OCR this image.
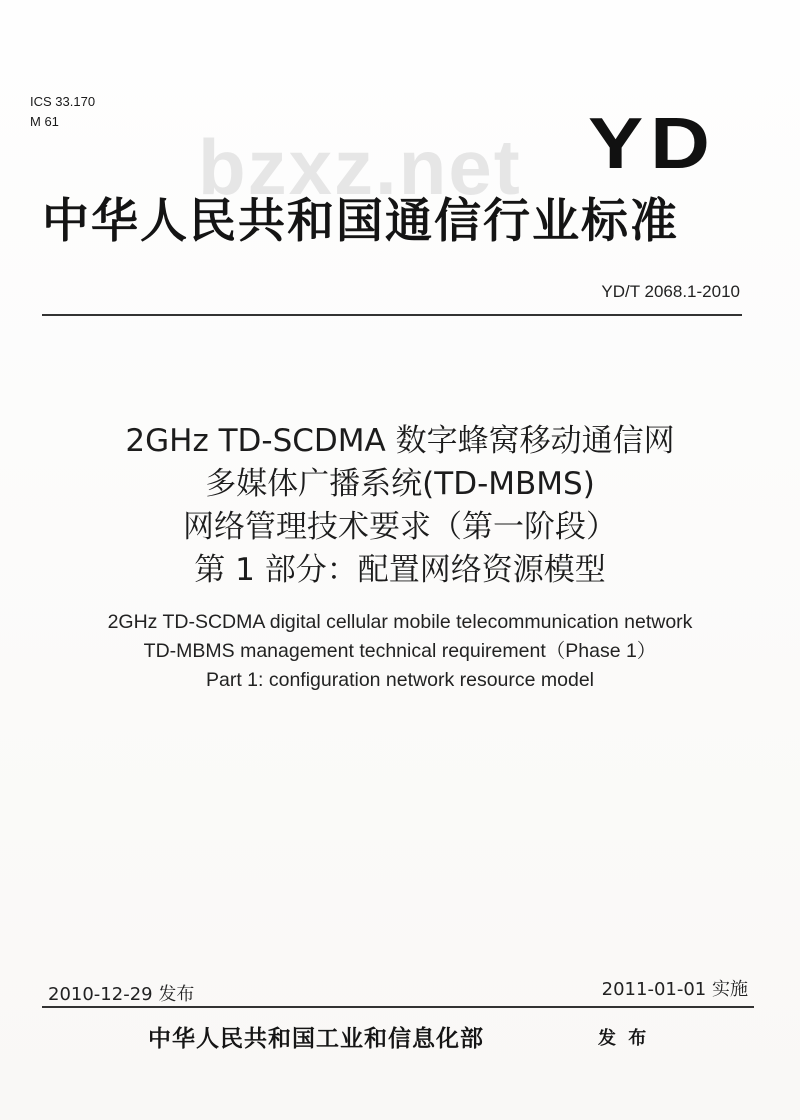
ICS 33.170
M 61
bzxz.net YD
中华人民共和国通信行业标准
YD/T 2068.1-2010
2GHz TD-SCDMA 数字蜂窝移动通信网
多媒体广播系统(TD-MBMS)
网络管理技术要求（第一阶段）
第 1 部分：配置网络资源模型
2GHz TD-SCDMA digital cellular mobile telecommunication network
TD-MBMS management technical requirement（Phase 1）
Part 1: configuration network resource model
2010-12-29 发布	2011-01-01 实施
中华人民共和国工业和信息化部	发 布
